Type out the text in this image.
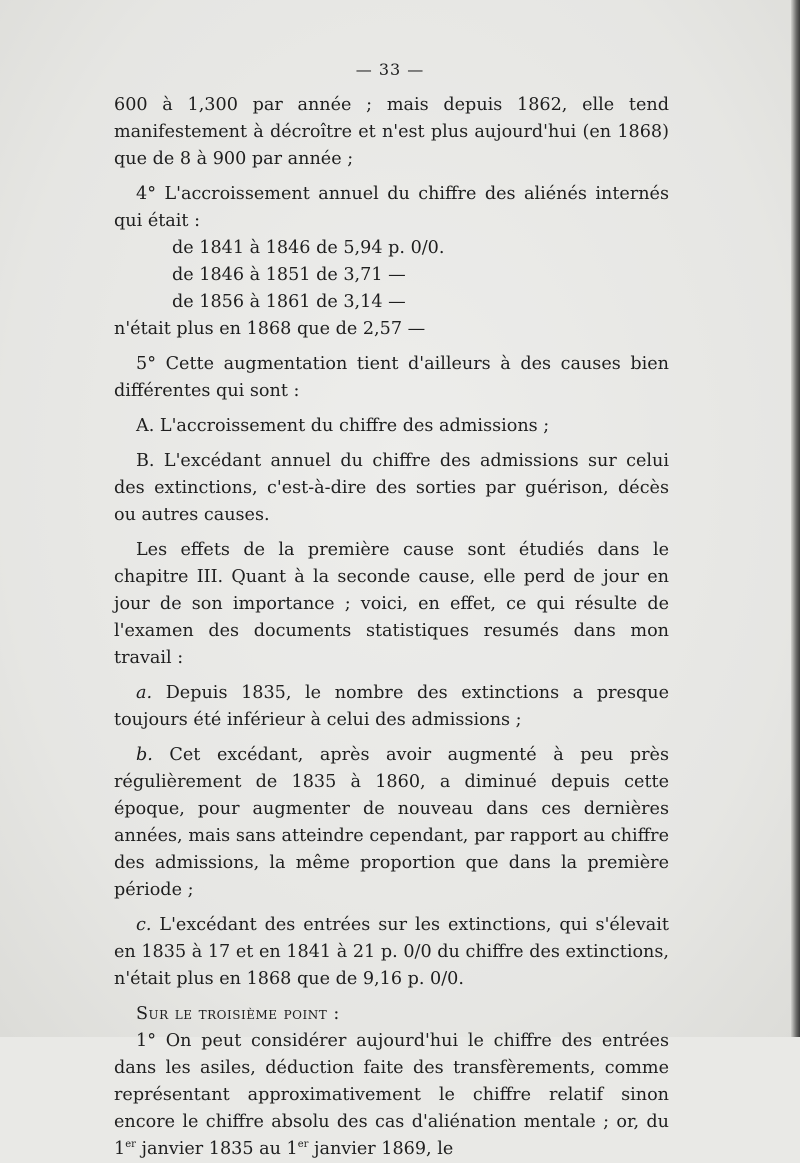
— 33 —

600 à 1,300 par année ; mais depuis 1862, elle tend manifestement à décroître et n'est plus aujourd'hui (en 1868) que de 8 à 900 par année ;

4° L'accroissement annuel du chiffre des aliénés internés qui était :

de 1841 à 1846 de 5,94 p. 0/0.

de 1846 à 1851 de 3,71 —

de 1856 à 1861 de 3,14 —

n'était plus en 1868 que de 2,57 —

5° Cette augmentation tient d'ailleurs à des causes bien différentes qui sont :

A. L'accroissement du chiffre des admissions ;

B. L'excédant annuel du chiffre des admissions sur celui des extinctions, c'est-à-dire des sorties par guérison, décès ou autres causes.

Les effets de la première cause sont étudiés dans le chapitre III. Quant à la seconde cause, elle perd de jour en jour de son importance ; voici, en effet, ce qui résulte de l'examen des documents statistiques resumés dans mon travail :

a. Depuis 1835, le nombre des extinctions a presque toujours été inférieur à celui des admissions ;

b. Cet excédant, après avoir augmenté à peu près régulièrement de 1835 à 1860, a diminué depuis cette époque, pour augmenter de nouveau dans ces dernières années, mais sans atteindre cependant, par rapport au chiffre des admissions, la même proportion que dans la première période ;

c. L'excédant des entrées sur les extinctions, qui s'élevait en 1835 à 17 et en 1841 à 21 p. 0/0 du chiffre des extinctions, n'était plus en 1868 que de 9,16 p. 0/0.

Sur le troisième point :

1° On peut considérer aujourd'hui le chiffre des entrées dans les asiles, déduction faite des transfèrements, comme représentant approximativement le chiffre relatif sinon encore le chiffre absolu des cas d'aliénation mentale ; or, du 1er janvier 1835 au 1er janvier 1869, le
